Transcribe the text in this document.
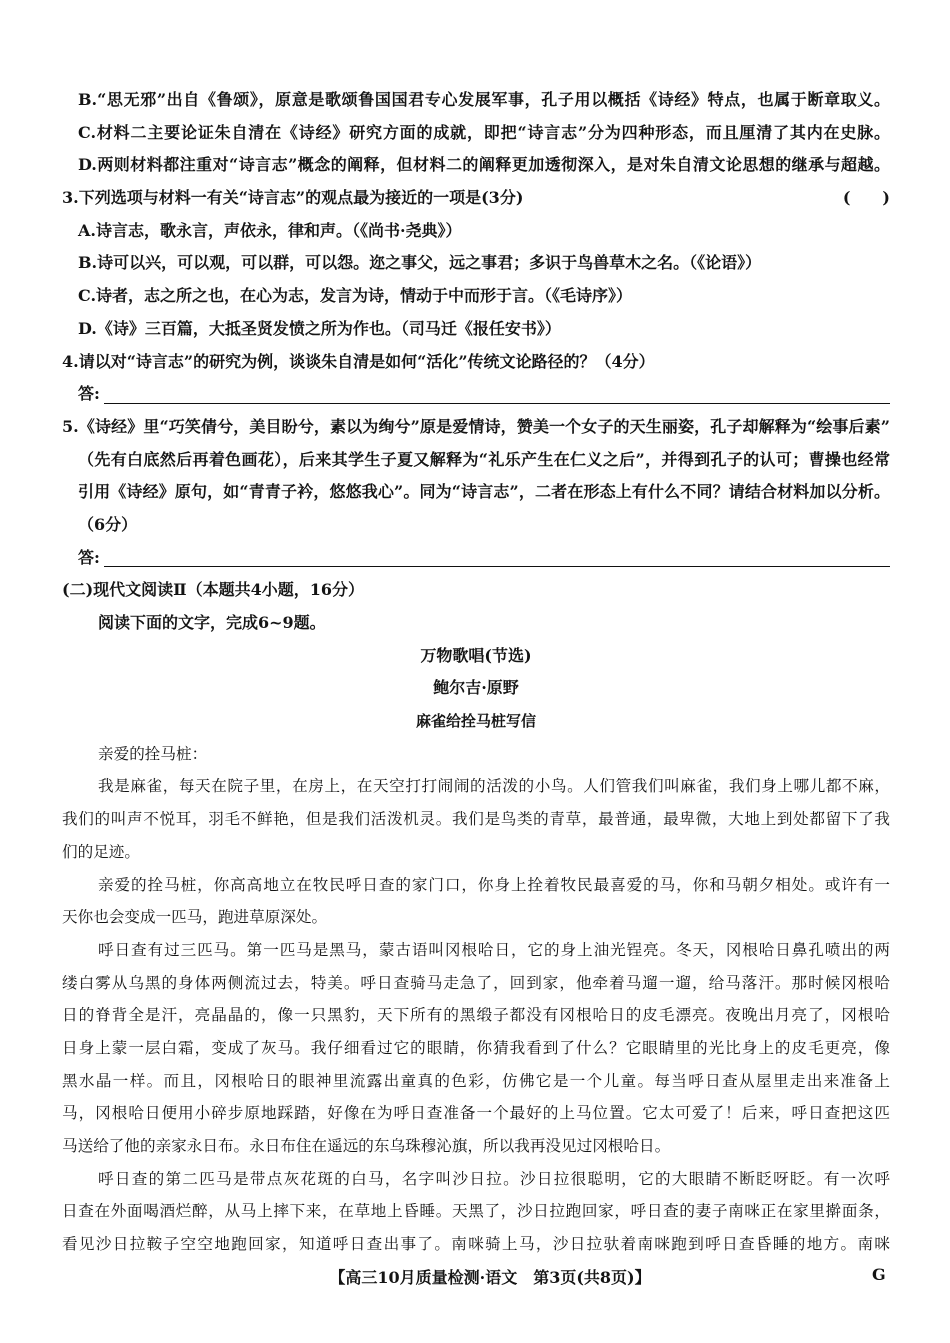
B.“思无邪”出自《鲁颂》，原意是歌颂鲁国国君专心发展军事，孔子用以概括《诗经》特点，也属于断章取义。
C.材料二主要论证朱自清在《诗经》研究方面的成就，即把“诗言志”分为四种形态，而且厘清了其内在史脉。
D.两则材料都注重对“诗言志”概念的阐释，但材料二的阐释更加透彻深入，是对朱自清文论思想的继承与超越。
3.下列选项与材料一有关“诗言志”的观点最为接近的一项是(3分)	(　　)
A.诗言志，歌永言，声依永，律和声。（《尚书·尧典》）
B.诗可以兴，可以观，可以群，可以怨。迩之事父，远之事君；多识于鸟兽草木之名。（《论语》）
C.诗者，志之所之也，在心为志，发言为诗，情动于中而形于言。（《毛诗序》）
D.《诗》三百篇，大抵圣贤发愤之所为作也。（司马迁《报任安书》）
4.请以对“诗言志”的研究为例，谈谈朱自清是如何“活化”传统文论路径的？（4分）
答:
5.《诗经》里“巧笑倩兮，美目盼兮，素以为绚兮”原是爱情诗，赞美一个女子的天生丽姿，孔子却解释为“绘事后素”
（先有白底然后再着色画花），后来其学生子夏又解释为“礼乐产生在仁义之后”，并得到孔子的认可；曹操也经常
引用《诗经》原句，如“青青子衿，悠悠我心”。同为“诗言志”，二者在形态上有什么不同？请结合材料加以分析。
（6分）
答:
(二)现代文阅读Ⅱ（本题共4小题，16分）
阅读下面的文字，完成6~9题。
万物歌唱(节选)
鲍尔吉·原野
麻雀给拴马桩写信
亲爱的拴马桩：
我是麻雀，每天在院子里，在房上，在天空打打闹闹的活泼的小鸟。人们管我们叫麻雀，我们身上哪儿都不麻，
我们的叫声不悦耳，羽毛不鲜艳，但是我们活泼机灵。我们是鸟类的青草，最普通，最卑微，大地上到处都留下了我
们的足迹。
亲爱的拴马桩，你高高地立在牧民呼日查的家门口，你身上拴着牧民最喜爱的马，你和马朝夕相处。或许有一
天你也会变成一匹马，跑进草原深处。
呼日查有过三匹马。第一匹马是黑马，蒙古语叫冈根哈日，它的身上油光锃亮。冬天，冈根哈日鼻孔喷出的两
缕白雾从乌黑的身体两侧流过去，特美。呼日查骑马走急了，回到家，他牵着马遛一遛，给马落汗。那时候冈根哈
日的脊背全是汗，亮晶晶的，像一只黑豹，天下所有的黑缎子都没有冈根哈日的皮毛漂亮。夜晚出月亮了，冈根哈
日身上蒙一层白霜，变成了灰马。我仔细看过它的眼睛，你猜我看到了什么？它眼睛里的光比身上的皮毛更亮，像
黑水晶一样。而且，冈根哈日的眼神里流露出童真的色彩，仿佛它是一个儿童。每当呼日查从屋里走出来准备上
马，冈根哈日便用小碎步原地踩踏，好像在为呼日查准备一个最好的上马位置。它太可爱了！后来，呼日查把这匹
马送给了他的亲家永日布。永日布住在遥远的东乌珠穆沁旗，所以我再没见过冈根哈日。
呼日查的第二匹马是带点灰花斑的白马，名字叫沙日拉。沙日拉很聪明，它的大眼睛不断眨呀眨。有一次呼
日查在外面喝酒烂醉，从马上摔下来，在草地上昏睡。天黑了，沙日拉跑回家，呼日查的妻子南咪正在家里擀面条，
看见沙日拉鞍子空空地跑回家，知道呼日查出事了。南咪骑上马，沙日拉驮着南咪跑到呼日查昏睡的地方。南咪
【高三10月质量检测·语文　第3页(共8页)】	G
